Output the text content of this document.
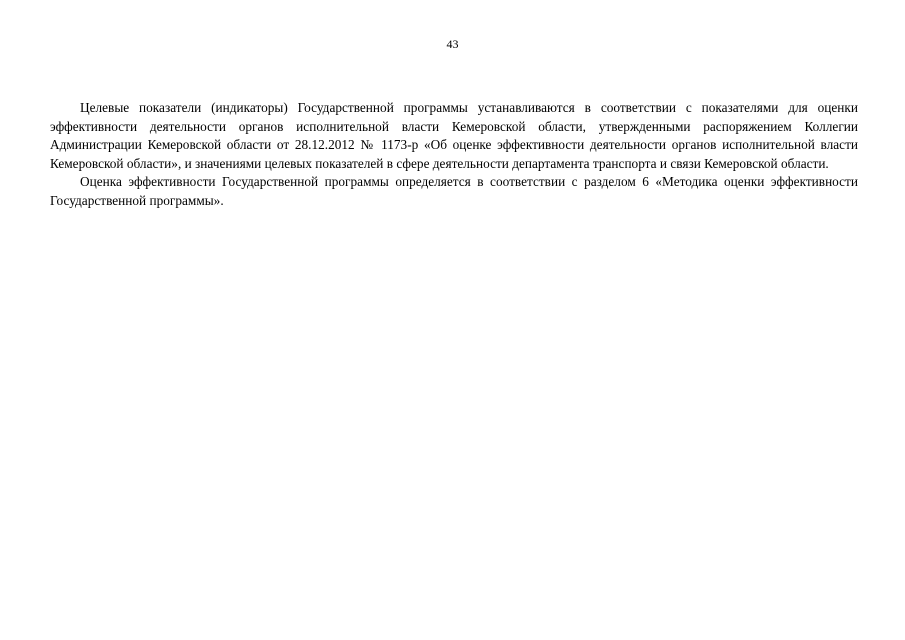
43

Целевые показатели (индикаторы) Государственной программы устанавливаются в соответствии с показателями для оценки эффективности деятельности органов исполнительной власти Кемеровской области, утвержденными распоряжением Коллегии Администрации Кемеровской области от 28.12.2012 № 1173-р «Об оценке эффективности деятельности органов исполнительной власти Кемеровской области», и значениями целевых показателей в сфере деятельности департамента транспорта и связи Кемеровской области.

Оценка эффективности Государственной программы определяется в соответствии с разделом 6 «Методика оценки эффективности Государственной программы».
